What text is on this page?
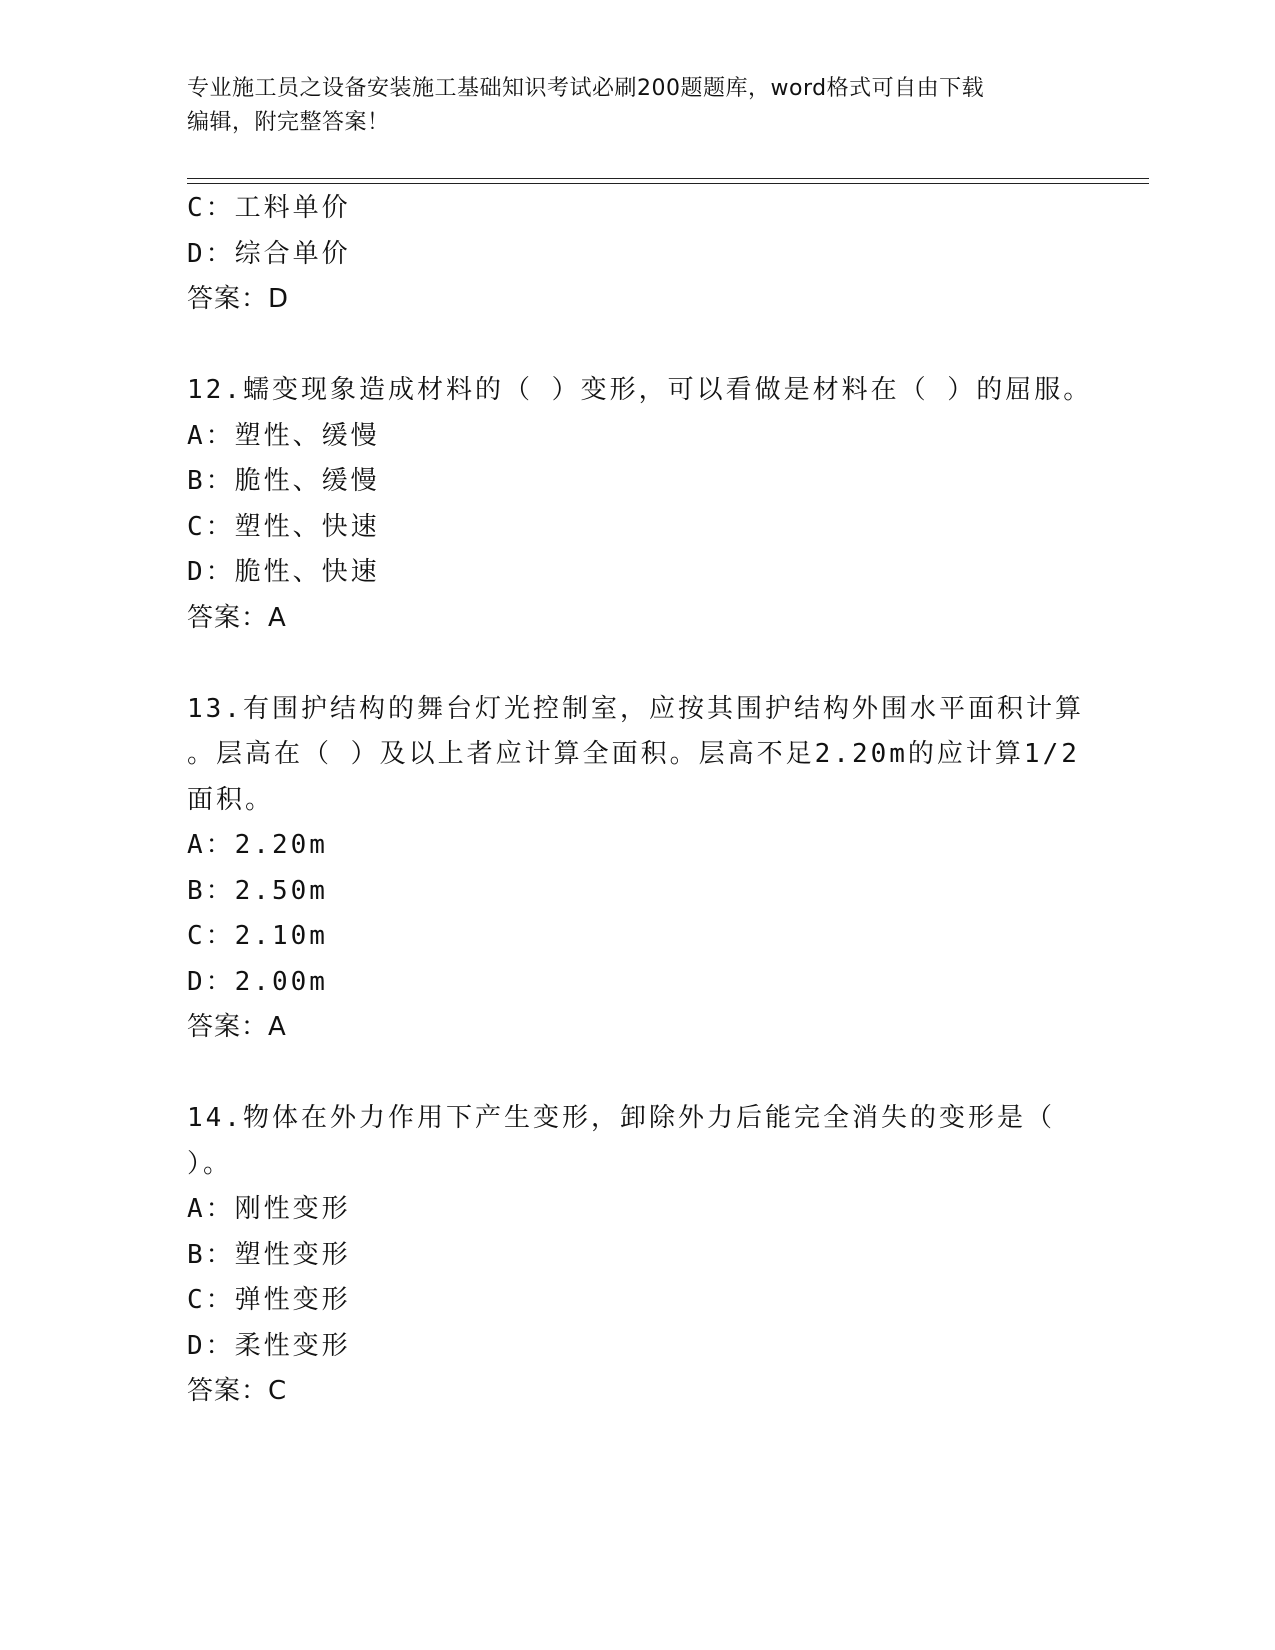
专业施工员之设备安装施工基础知识考试必刷200题题库，word格式可自由下载
编辑，附完整答案！
C：工料单价
D：综合单价
答案：D
12.蠕变现象造成材料的（ ）变形，可以看做是材料在（ ）的屈服。
A：塑性、缓慢
B：脆性、缓慢
C：塑性、快速
D：脆性、快速
答案：A
13.有围护结构的舞台灯光控制室，应按其围护结构外围水平面积计算
。层高在（ ）及以上者应计算全面积。层高不足2.20m的应计算1/2
面积。
A：2.20m
B：2.50m
C：2.10m
D：2.00m
答案：A
14.物体在外力作用下产生变形，卸除外力后能完全消失的变形是（
）。
A：刚性变形
B：塑性变形
C：弹性变形
D：柔性变形
答案：C
